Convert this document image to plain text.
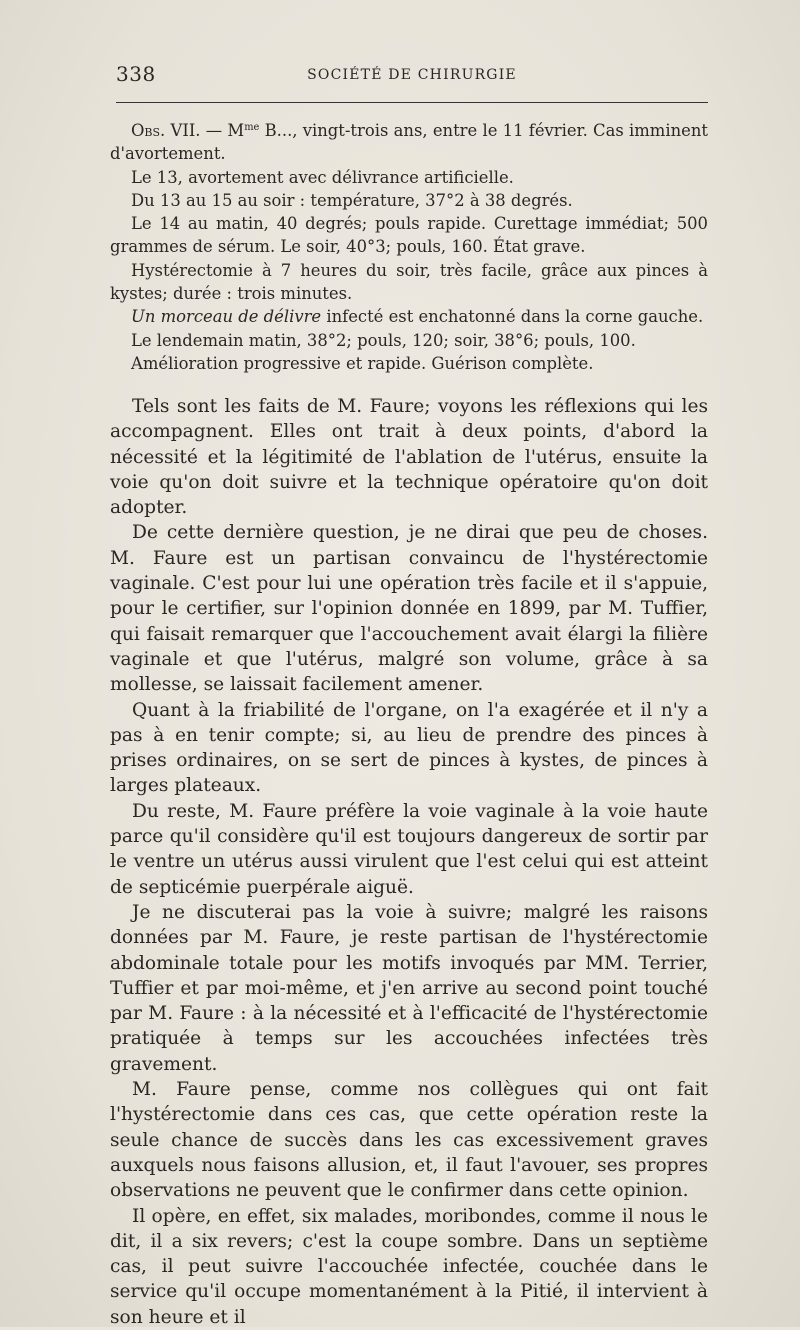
338	SOCIÉTÉ DE CHIRURGIE

Obs. VII. — $M^{me}$ B..., vingt-trois ans, entre le 11 février. Cas imminent d'avortement.

Le 13, avortement avec délivrance artificielle.

Du 13 au 15 au soir : température, 37°2 à 38 degrés.

Le 14 au matin, 40 degrés; pouls rapide. Curettage immédiat; 500 grammes de sérum. Le soir, 40°3; pouls, 160. État grave.

Hystérectomie à 7 heures du soir, très facile, grâce aux pinces à kystes; durée : trois minutes.

Un morceau de délivre infecté est enchatonné dans la corne gauche.

Le lendemain matin, 38°2; pouls, 120; soir, 38°6; pouls, 100.

Amélioration progressive et rapide. Guérison complète.

Tels sont les faits de M. Faure; voyons les réflexions qui les accompagnent. Elles ont trait à deux points, d'abord la nécessité et la légitimité de l'ablation de l'utérus, ensuite la voie qu'on doit suivre et la technique opératoire qu'on doit adopter.

De cette dernière question, je ne dirai que peu de choses. M. Faure est un partisan convaincu de l'hystérectomie vaginale. C'est pour lui une opération très facile et il s'appuie, pour le certifier, sur l'opinion donnée en 1899, par M. Tuffier, qui faisait remarquer que l'accouchement avait élargi la filière vaginale et que l'utérus, malgré son volume, grâce à sa mollesse, se laissait facilement amener.

Quant à la friabilité de l'organe, on l'a exagérée et il n'y a pas à en tenir compte; si, au lieu de prendre des pinces à prises ordinaires, on se sert de pinces à kystes, de pinces à larges plateaux.

Du reste, M. Faure préfère la voie vaginale à la voie haute parce qu'il considère qu'il est toujours dangereux de sortir par le ventre un utérus aussi virulent que l'est celui qui est atteint de septicémie puerpérale aiguë.

Je ne discuterai pas la voie à suivre; malgré les raisons données par M. Faure, je reste partisan de l'hystérectomie abdominale totale pour les motifs invoqués par MM. Terrier, Tuffier et par moi-même, et j'en arrive au second point touché par M. Faure : à la nécessité et à l'efficacité de l'hystérectomie pratiquée à temps sur les accouchées infectées très gravement.

M. Faure pense, comme nos collègues qui ont fait l'hystérectomie dans ces cas, que cette opération reste la seule chance de succès dans les cas excessivement graves auxquels nous faisons allusion, et, il faut l'avouer, ses propres observations ne peuvent que le confirmer dans cette opinion.

Il opère, en effet, six malades, moribondes, comme il nous le dit, il a six revers; c'est la coupe sombre. Dans un septième cas, il peut suivre l'accouchée infectée, couchée dans le service qu'il occupe momentanément à la Pitié, il intervient à son heure et il
